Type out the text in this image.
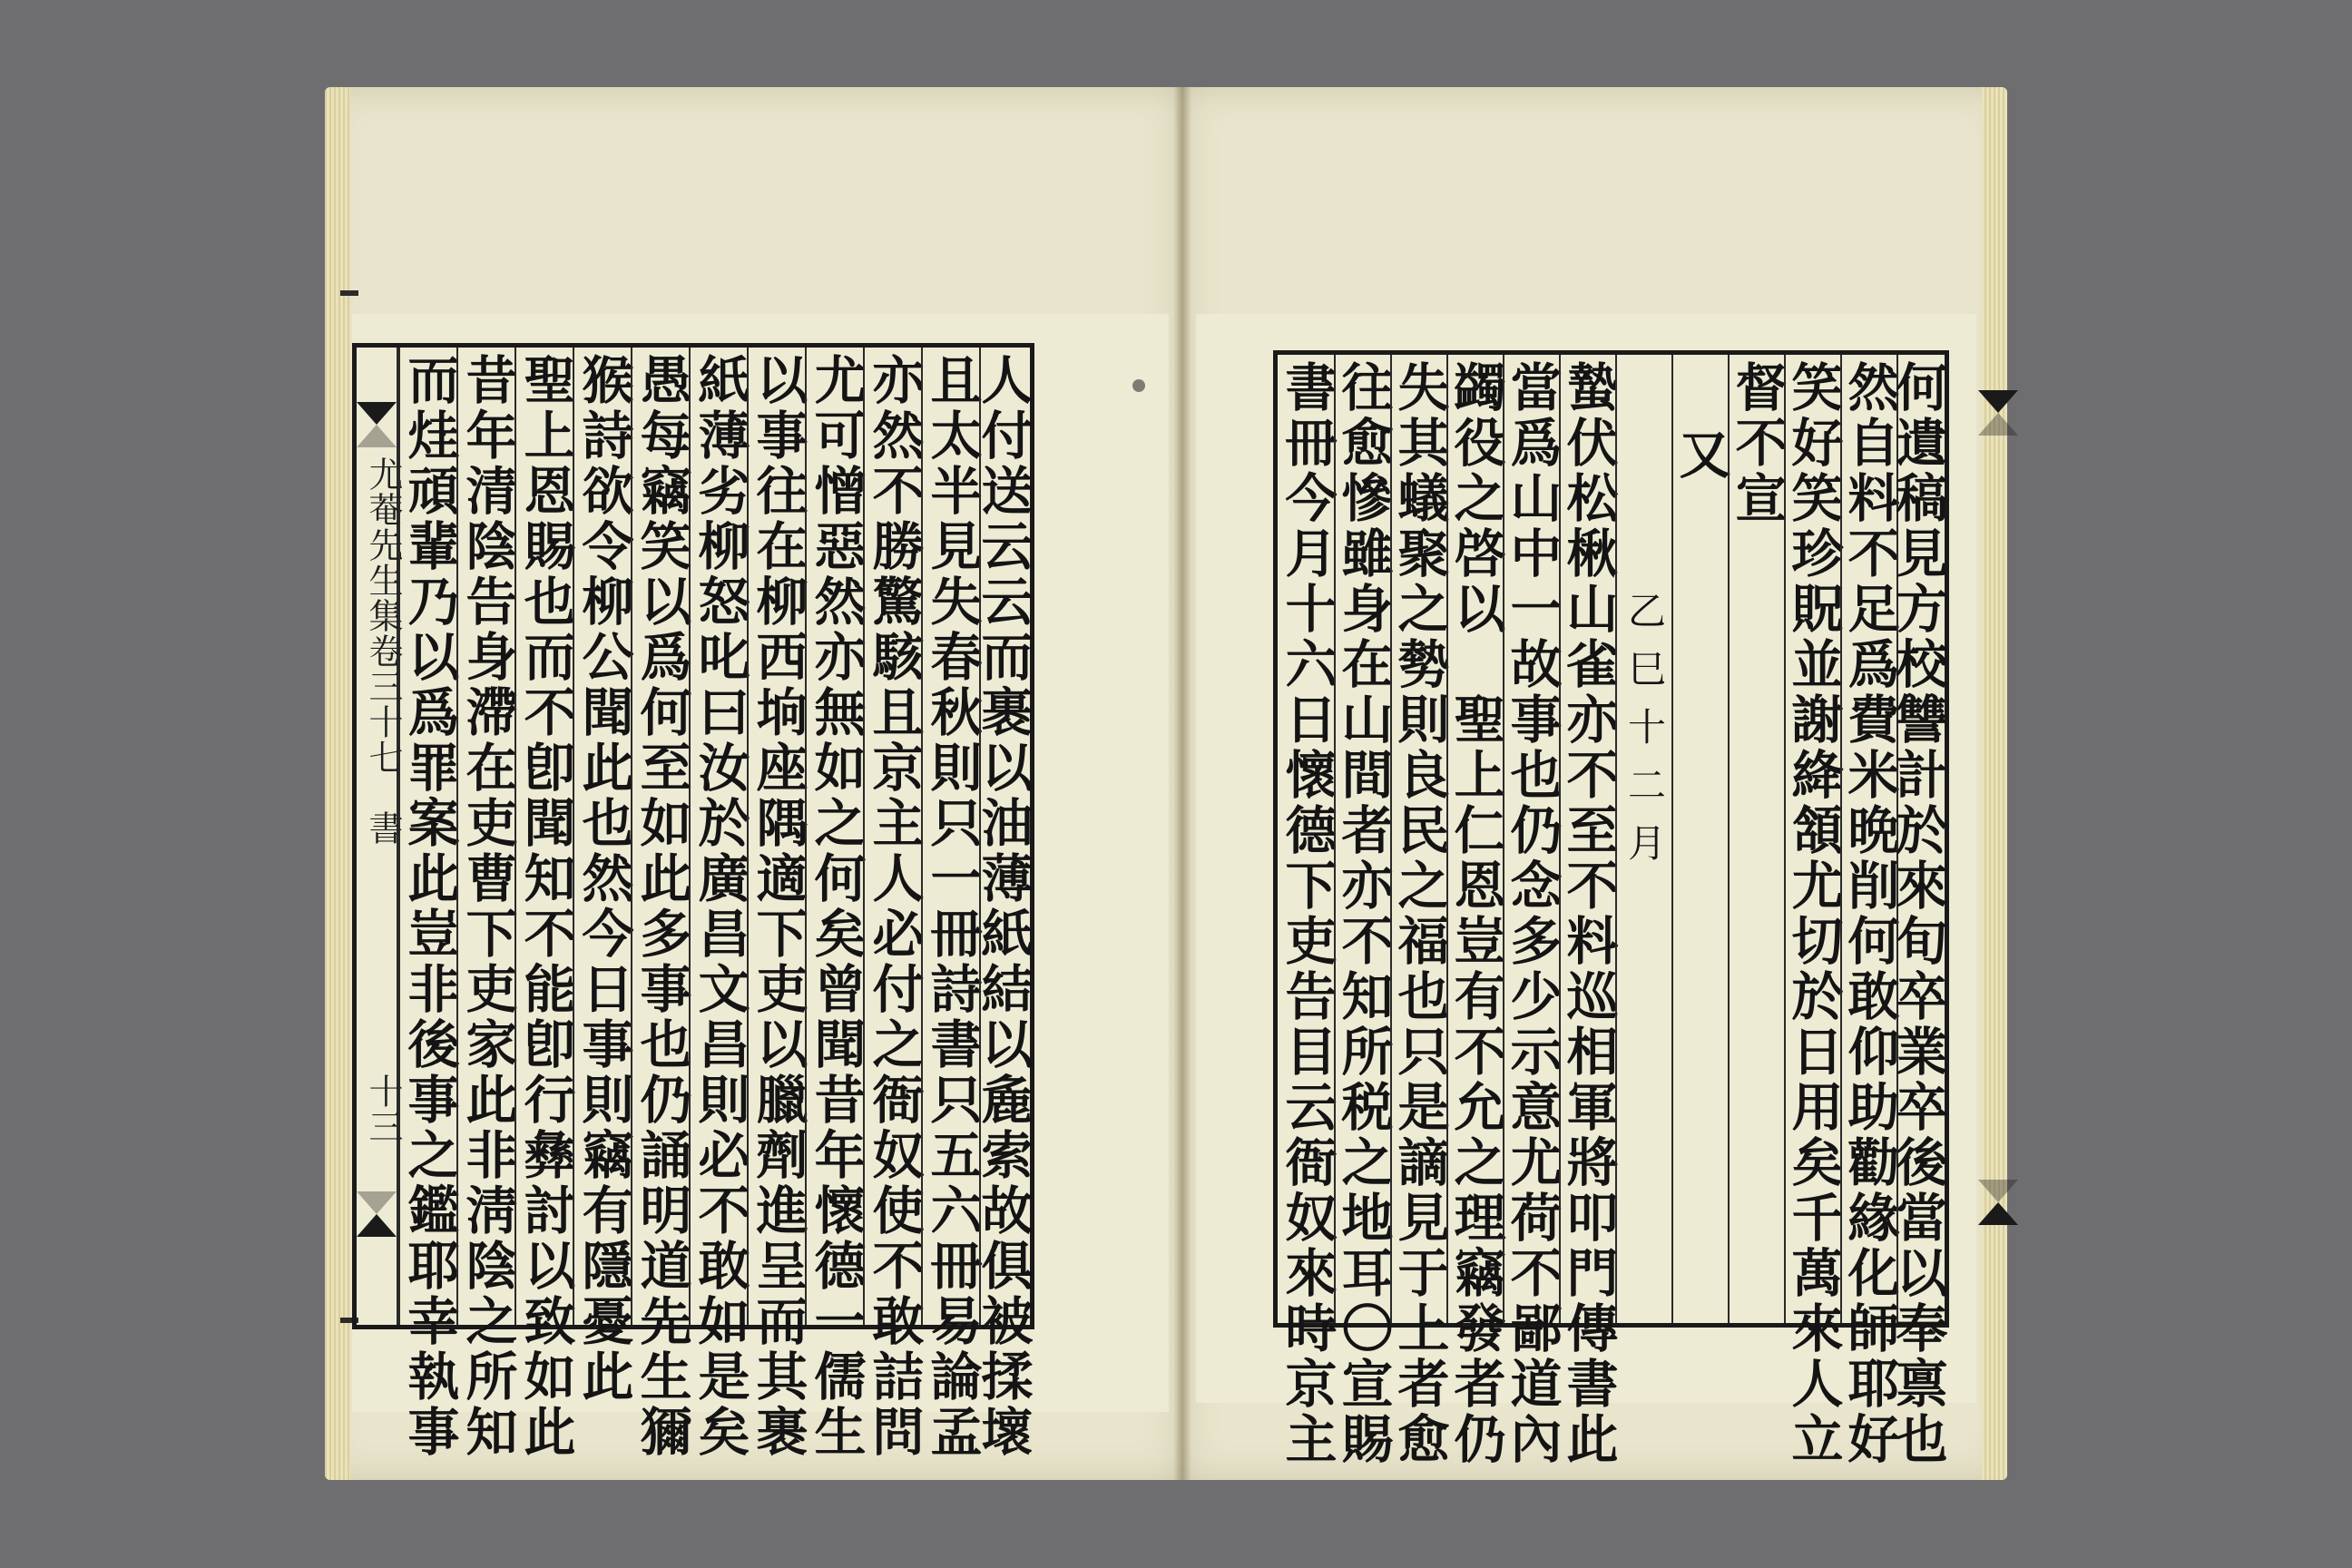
尤菴先生集卷三十七
書
十三
而烓頑輩乃以爲罪案此豈非後事之鑑耶幸執事
昔年清陰告身滯在吏曹下吏家此非淸陰之所知
聖上恩賜也而不卽聞知不能卽行彝討以致如此
猴詩欲令柳公聞此也然今日事則竊有隱憂此
愚每竊笑以爲何至如此多事也仍誦明道先生獮
紙薄劣柳怒叱曰汝於廣昌文昌則必不敢如是矣
以事往在柳西垧座隅適下吏以臘劑進呈而其裹
尤可憎惡然亦無如之何矣曾聞昔年懷德一儒生
亦然不勝驚駭且京主人必付之衙奴使不敢詰問
且太半見失春秋則只一冊詩書只五六冊易論孟
人付送云云而裹以油薄紙結以麁索故俱被揉壞	書冊今月十六日懷德下吏告目云衙奴來時京主
往愈慘雖身在山間者亦不知所税之地耳〇宣賜
失其蟻聚之勢則良民之福也只是謫見于上者愈
蠲役之啓以　聖上仁恩豈有不允之理竊發者仍
當爲山中一故事也仍念多少示意尤荷不鄙道內
蟄伏松楸山雀亦不至不料巡相軍將叩門傳書此 乙巳十二月
又
督不宣
笑好笑珍貺並謝絳頷尤切於日用矣千萬來人立
然自料不足爲費米晩削何敢仰助勸緣化師耶好
何遺稿見方校讐計於來旬卒業卒後當以奉禀也
